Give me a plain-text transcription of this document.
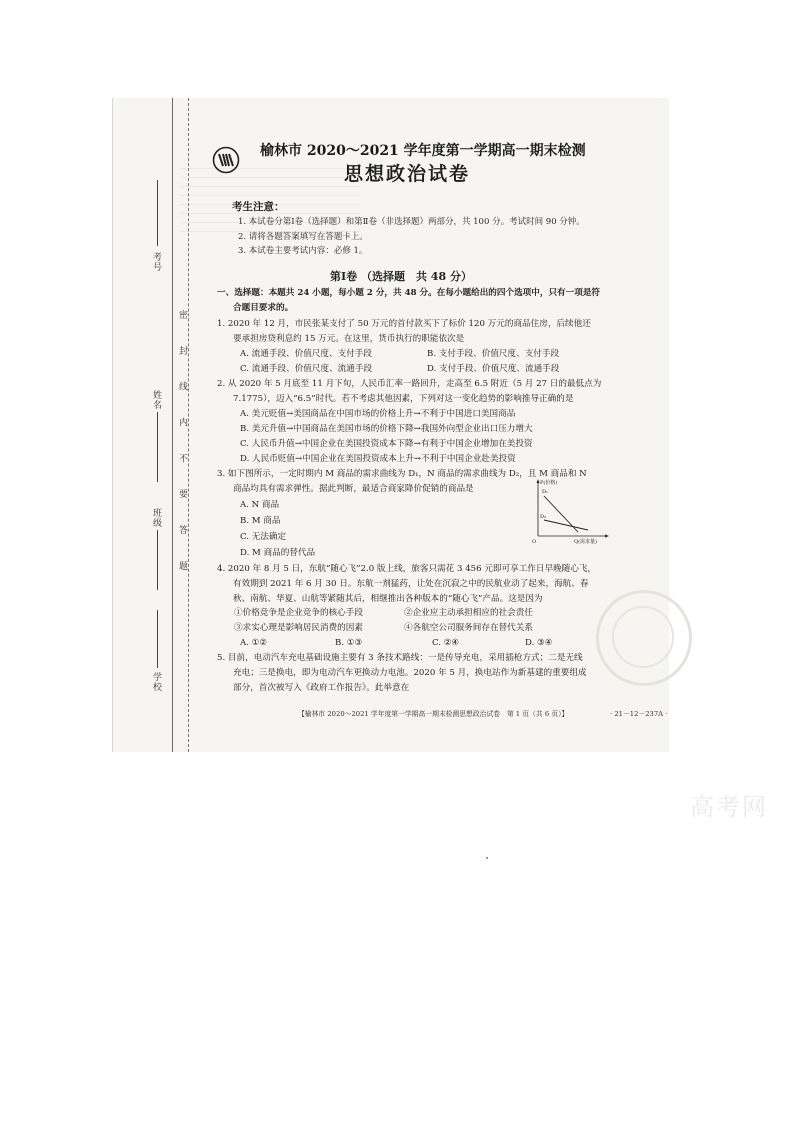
考号
姓名
班级
学校
密 封 线 内 不 要 答 题
榆林市 2020～2021 学年度第一学期高一期末检测
思想政治试卷
考生注意：
1. 本试卷分第Ⅰ卷（选择题）和第Ⅱ卷（非选择题）两部分，共 100 分。考试时间 90 分钟。
2. 请将各题答案填写在答题卡上。
3. 本试卷主要考试内容：必修 1。
第Ⅰ卷 （选择题　共 48 分）
一、选择题：本题共 24 小题，每小题 2 分，共 48 分。在每小题给出的四个选项中，只有一项是符
合题目要求的。
1. 2020 年 12 月，市民张某支付了 50 万元的首付款买下了标价 120 万元的商品住房，后续他还
要承担房贷利息约 15 万元。在这里，货币执行的职能依次是
A. 流通手段、价值尺度、支付手段	B. 支付手段、价值尺度、支付手段
C. 流通手段、价值尺度、流通手段	D. 支付手段、价值尺度、流通手段
2. 从 2020 年 5 月底至 11 月下旬，人民币汇率一路回升，走高至 6.5 附近（5 月 27 日的最低点为
7.1775），迈入“6.5”时代。若不考虑其他因素，下列对这一变化趋势的影响推导正确的是
A. 美元贬值→美国商品在中国市场的价格上升→不利于中国进口美国商品
B. 美元升值→中国商品在美国市场的价格下降→我国外向型企业出口压力增大
C. 人民币升值→中国企业在美国投资成本下降→有利于中国企业增加在美投资
D. 人民币贬值→中国企业在美国投资成本上升→不利于中国企业赴美投资
3. 如下图所示，一定时期内 M 商品的需求曲线为 D₁，N 商品的需求曲线为 D₂，且 M 商品和 N
商品均具有需求弹性。据此判断，最适合商家降价促销的商品是
A. N 商品
B. M 商品
C. 无法确定
D. M 商品的替代品
P(价格)
Q(需求量)
O
D₁
D₂
4. 2020 年 8 月 5 日，东航“随心飞”2.0 版上线，旅客只需花 3 456 元即可享工作日早晚随心飞，
有效期到 2021 年 6 月 30 日。东航一剂猛药，让处在沉寂之中的民航业动了起来，海航、春
秋、南航、华夏、山航等紧随其后，相继推出各种版本的“随心飞”产品。这是因为
①价格竞争是企业竞争的核心手段	②企业应主动承担相应的社会责任
③求实心理是影响居民消费的因素	④各航空公司服务间存在替代关系
A. ①②	B. ①③	C. ②④	D. ③④
5. 目前，电动汽车充电基础设施主要有 3 条技术路线：一是传导充电，采用插枪方式；二是无线
充电；三是换电，即为电动汽车更换动力电池。2020 年 5 月，换电站作为新基建的重要组成
部分，首次被写入《政府工作报告》。此举意在
【榆林市 2020～2021 学年度第一学期高一期末检测思想政治试卷　第 1 页（共 6 页）】	· 21－12－237A ·
高考网
